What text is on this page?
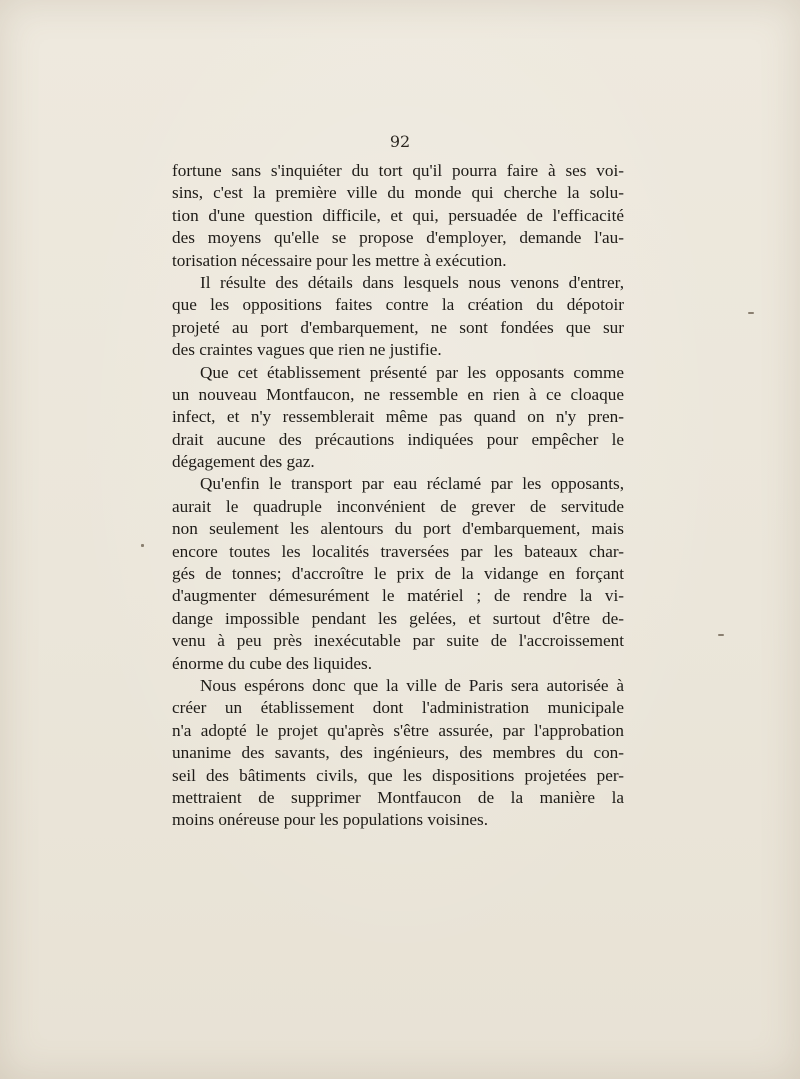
92
fortune sans s'inquiéter du tort qu'il pourra faire à ses voi-
sins, c'est la première ville du monde qui cherche la solu-
tion d'une question difficile, et qui, persuadée de l'efficacité
des moyens qu'elle se propose d'employer, demande l'au-
torisation nécessaire pour les mettre à exécution.
Il résulte des détails dans lesquels nous venons d'entrer,
que les oppositions faites contre la création du dépotoir
projeté au port d'embarquement, ne sont fondées que sur
des craintes vagues que rien ne justifie.
Que cet établissement présenté par les opposants comme
un nouveau Montfaucon, ne ressemble en rien à ce cloaque
infect, et n'y ressemblerait même pas quand on n'y pren-
drait aucune des précautions indiquées pour empêcher le
dégagement des gaz.
Qu'enfin le transport par eau réclamé par les opposants,
aurait le quadruple inconvénient de grever de servitude
non seulement les alentours du port d'embarquement, mais
encore toutes les localités traversées par les bateaux char-
gés de tonnes; d'accroître le prix de la vidange en forçant
d'augmenter démesurément le matériel ; de rendre la vi-
dange impossible pendant les gelées, et surtout d'être de-
venu à peu près inexécutable par suite de l'accroissement
énorme du cube des liquides.
Nous espérons donc que la ville de Paris sera autorisée à
créer un établissement dont l'administration municipale
n'a adopté le projet qu'après s'être assurée, par l'approbation
unanime des savants, des ingénieurs, des membres du con-
seil des bâtiments civils, que les dispositions projetées per-
mettraient de supprimer Montfaucon de la manière la
moins onéreuse pour les populations voisines.
